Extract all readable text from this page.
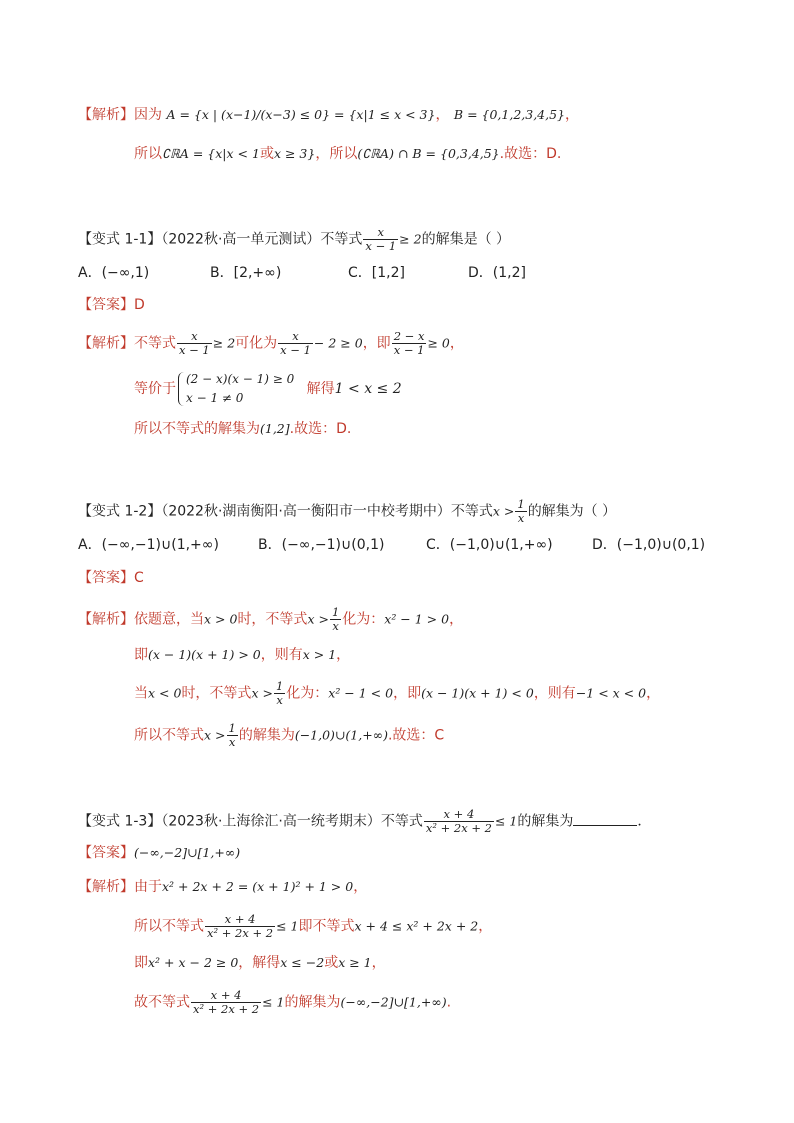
【解析】因为 A = {x | (x−1)/(x−3) ≤ 0} = {x|1 ≤ x < 3}， B = {0,1,2,3,4,5}，
所以∁ℝA = {x|x < 1或x ≥ 3}，所以(∁ℝA) ∩ B = {0,3,4,5}.故选：D.
【变式 1-1】（2022秋·高一单元测试）不等式 $\frac{x}{x - 1} \ge 2$的解集是（ ）
A．(−∞,1)	B．[2,+∞)	C．[1,2]	D．(1,2]
【答案】D
【解析】不等式 $\frac{x}{x - 1} \ge 2$可化为 $\frac{x}{x - 1} - 2 \ge 0$，即 $\frac{2 - x}{x - 1} \ge 0$，
等价于
(2 − x)(x − 1) ≥ 0
x − 1 ≠ 0
解得1 < x ≤ 2
所以不等式的解集为(1,2].故选：D.
【变式 1-2】（2022秋·湖南衡阳·高一衡阳市一中校考期中）不等式$x > \frac{1}{x}$ 的解集为（ ）
A．(−∞,−1)∪(1,+∞)	B．(−∞,−1)∪(0,1)	C．(−1,0)∪(1,+∞)	D．(−1,0)∪(0,1)
【答案】C
【解析】依题意，当x > 0时，不等式$x > \frac{1}{x}$ 化为：x² − 1 > 0，
即(x − 1)(x + 1) > 0，则有x > 1，
当x < 0时，不等式$x > \frac{1}{x}$ 化为：x² − 1 < 0，即(x − 1)(x + 1) < 0，则有−1 < x < 0，
所以不等式$x > \frac{1}{x}$ 的解集为(−1,0)∪(1,+∞).故选：C
【变式 1-3】（2023秋·上海徐汇·高一统考期末）不等式 $\frac{x + 4}{\text{x² + 2x + 2}} \le 1$的解集为	．
【答案】(−∞,−2]∪[1,+∞)
【解析】由于x² + 2x + 2 = (x + 1)² + 1 > 0，
所以不等式 $\frac{x + 4}{\text{x² + 2x + 2}} \le 1$即不等式x + 4 ≤ x² + 2x + 2，
即x² + x − 2 ≥ 0，解得x ≤ −2或x ≥ 1，
故不等式 $\frac{x + 4}{\text{x² + 2x + 2}} \le 1$的解集为(−∞,−2]∪[1,+∞).
